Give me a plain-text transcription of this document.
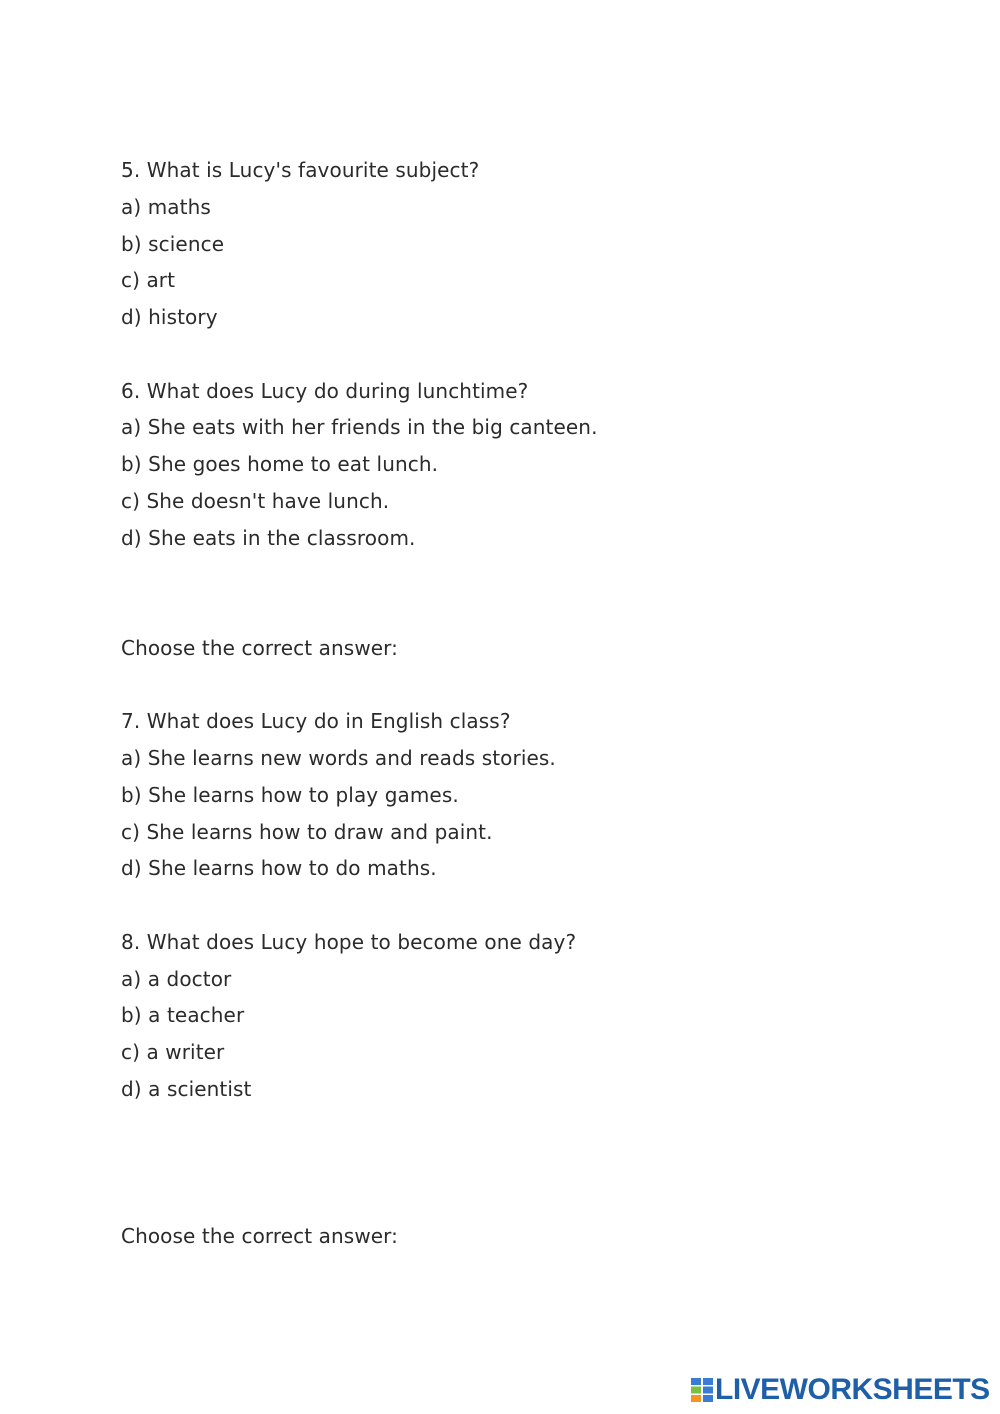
5. What is Lucy's favourite subject?
a) maths
b) science
c) art
d) history
6. What does Lucy do during lunchtime?
a) She eats with her friends in the big canteen.
b) She goes home to eat lunch.
c) She doesn't have lunch.
d) She eats in the classroom.
Choose the correct answer:
7. What does Lucy do in English class?
a) She learns new words and reads stories.
b) She learns how to play games.
c) She learns how to draw and paint.
d) She learns how to do maths.
8. What does Lucy hope to become one day?
a) a doctor
b) a teacher
c) a writer
d) a scientist
Choose the correct answer:
LIVEWORKSHEETS
